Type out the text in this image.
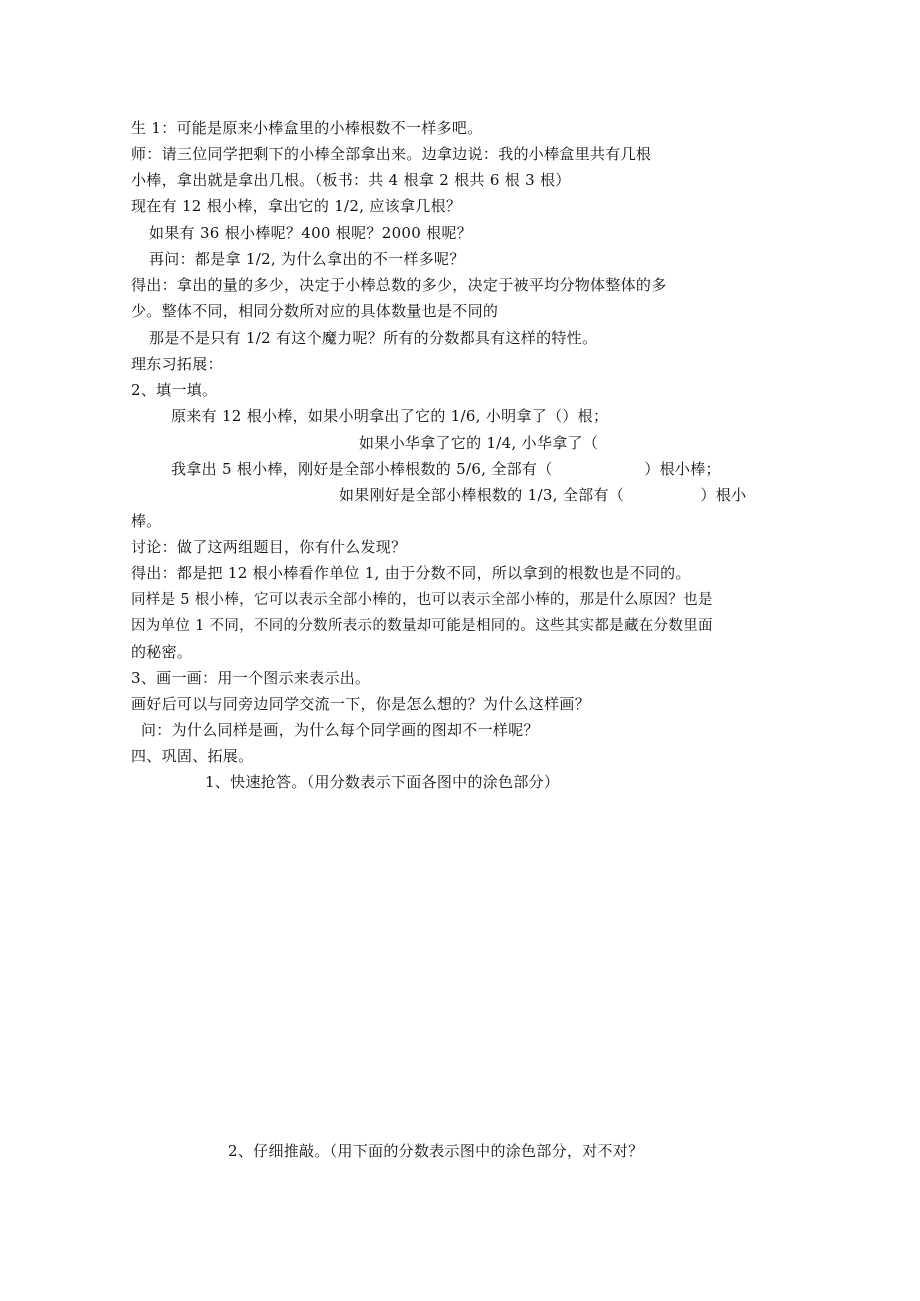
生 1：可能是原来小棒盒里的小棒根数不一样多吧。
师：请三位同学把剩下的小棒全部拿出来。边拿边说：我的小棒盒里共有几根
小棒，拿出就是拿出几根。（板书：共 4 根拿 2 根共 6 根 3 根）
现在有 12 根小棒，拿出它的 1/2, 应该拿几根？
如果有 36 根小棒呢？400 根呢？2000 根呢？
再问：都是拿 1/2, 为什么拿出的不一样多呢？
得出：拿出的量的多少，决定于小棒总数的多少，决定于被平均分物体整体的多
少。整体不同，相同分数所对应的具体数量也是不同的
那是不是只有 1/2 有这个魔力呢？所有的分数都具有这样的特性。
理东习拓展：
2、填一填。
原来有 12 根小棒，如果小明拿出了它的 1/6, 小明拿了（）根；
如果小华拿了它的 1/4, 小华拿了（
我拿出 5 根小棒，刚好是全部小棒根数的 5/6, 全部有（　　　　　　）根小棒；
如果刚好是全部小棒根数的 1/3, 全部有（　　　　　）根小
棒。
讨论：做了这两组题目，你有什么发现？
得出：都是把 12 根小棒看作单位 1, 由于分数不同，所以拿到的根数也是不同的。
同样是 5 根小棒，它可以表示全部小棒的，也可以表示全部小棒的，那是什么原因？也是
因为单位 1 不同，不同的分数所表示的数量却可能是相同的。这些其实都是藏在分数里面
的秘密。
3、画一画：用一个图示来表示出。
画好后可以与同旁边同学交流一下，你是怎么想的？为什么这样画？
问：为什么同样是画，为什么每个同学画的图却不一样呢？
四、巩固、拓展。
1、快速抢答。（用分数表示下面各图中的涂色部分）
2、仔细推敲。（用下面的分数表示图中的涂色部分，对不对？
